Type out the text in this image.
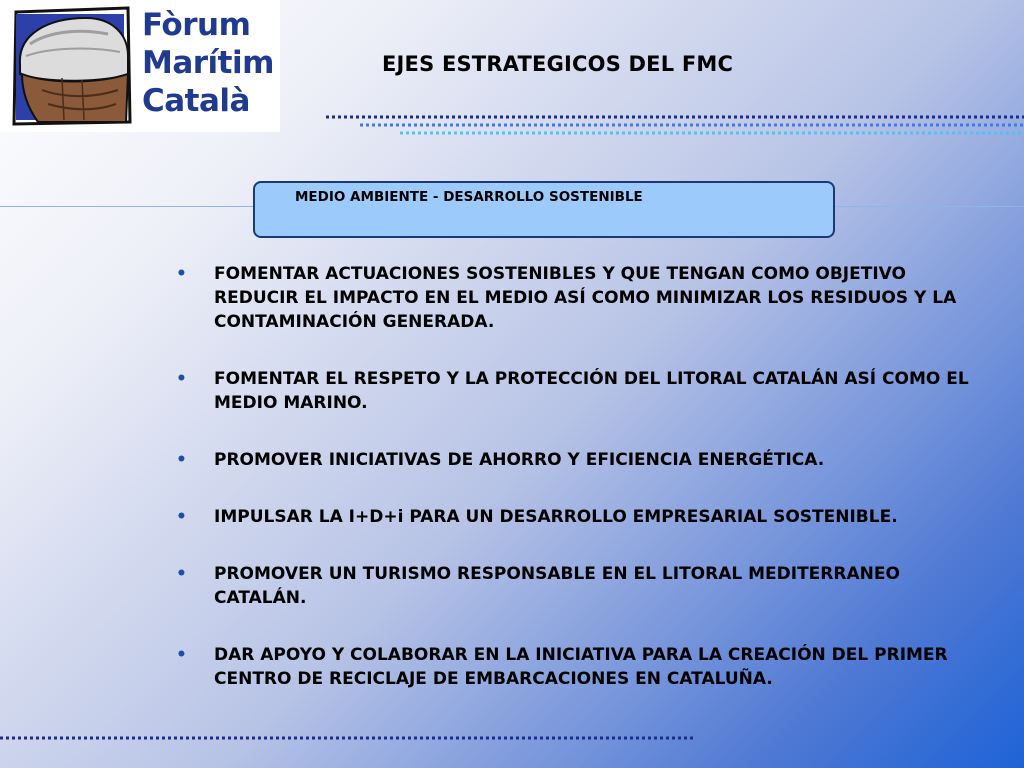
Fòrum
Marítim
Català
EJES ESTRATEGICOS DEL FMC
MEDIO AMBIENTE - DESARROLLO SOSTENIBLE
• FOMENTAR ACTUACIONES SOSTENIBLES Y QUE TENGAN COMO OBJETIVO REDUCIR EL IMPACTO EN EL MEDIO ASÍ COMO MINIMIZAR LOS RESIDUOS Y LA CONTAMINACIÓN GENERADA.
• FOMENTAR EL RESPETO Y LA PROTECCIÓN DEL LITORAL CATALÁN ASÍ COMO EL MEDIO MARINO.
• PROMOVER INICIATIVAS DE AHORRO Y EFICIENCIA ENERGÉTICA.
• IMPULSAR LA I+D+i PARA UN DESARROLLO EMPRESARIAL SOSTENIBLE.
• PROMOVER UN TURISMO RESPONSABLE EN EL LITORAL MEDITERRANEO CATALÁN.
• DAR APOYO Y COLABORAR EN LA INICIATIVA PARA LA CREACIÓN DEL PRIMER CENTRO DE RECICLAJE DE EMBARCACIONES EN CATALUÑA.
